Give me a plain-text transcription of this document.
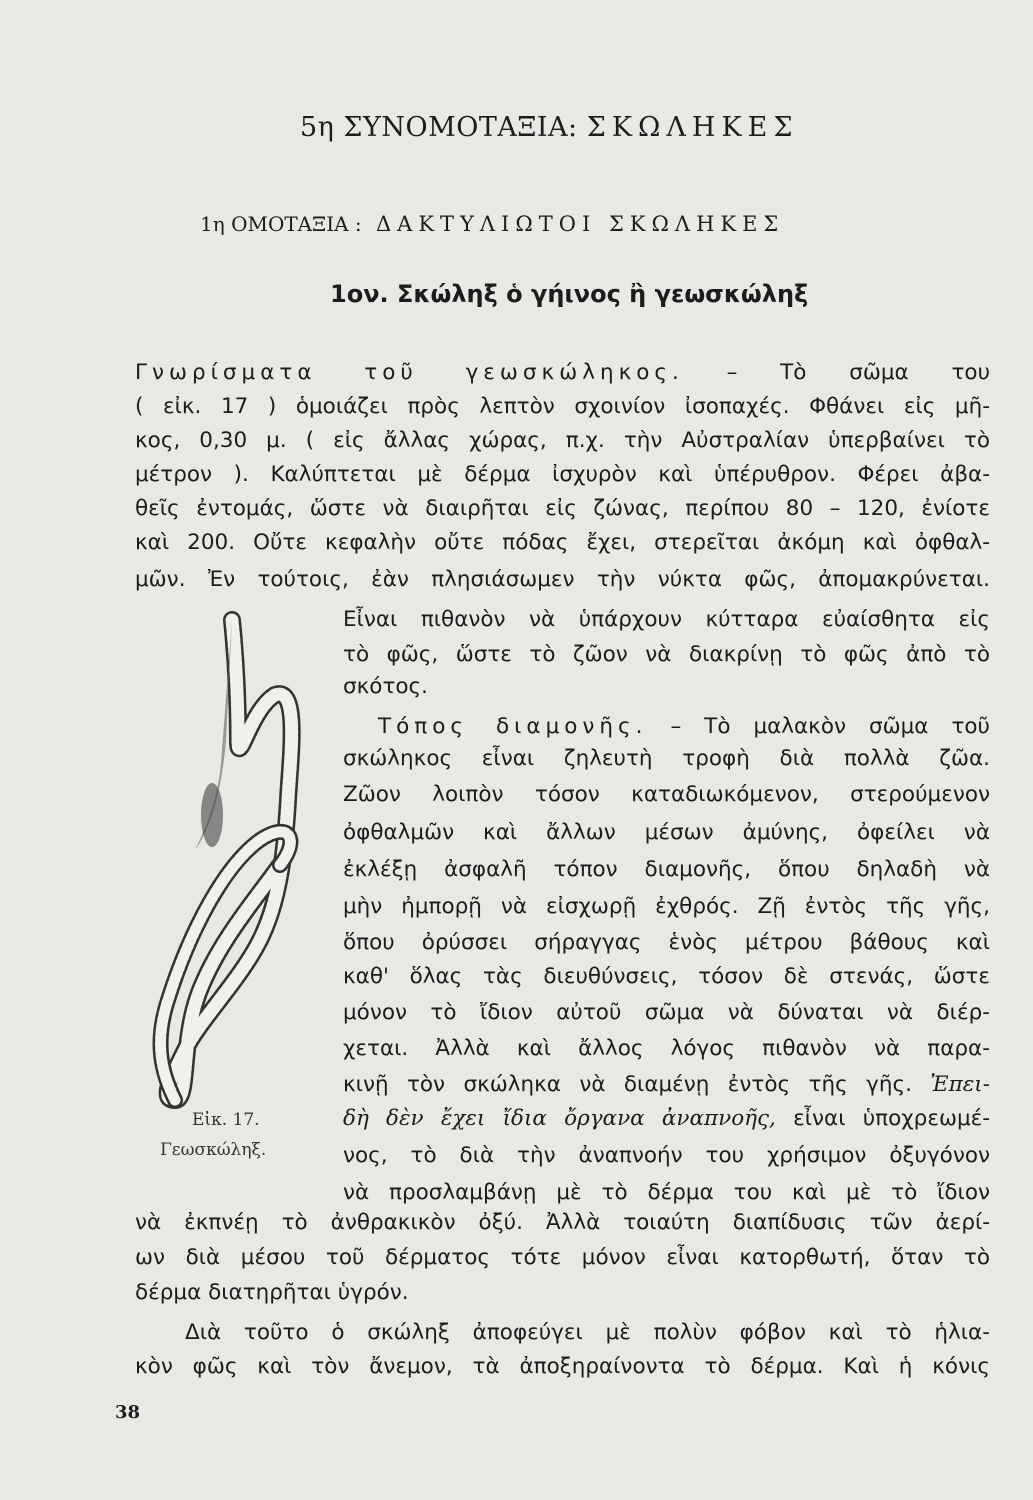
5η ΣΥΝΟΜΟΤΑΞΙΑ: ΣΚΩΛΗΚΕΣ
1η ΟΜΟΤΑΞΙΑ : ΔΑΚΤΥΛΙΩΤΟΙ ΣΚΩΛΗΚΕΣ
1ον. Σκώληξ ὁ γήινος ἢ γεωσκώληξ
Γνωρίσματα τοῦ γεωσκώληκος. – Τὸ σῶμα του
( εἰκ. 17 ) ὁμοιάζει πρὸς λεπτὸν σχοινίον ἰσοπαχές. Φθάνει εἰς μῆ-
κος, 0,30 μ. ( εἰς ἄλλας χώρας, π.χ. τὴν Αὐστραλίαν ὑπερβαίνει τὸ
μέτρον ). Καλύπτεται μὲ δέρμα ἰσχυρὸν καὶ ὑπέρυθρον. Φέρει ἀβα-
θεῖς ἐντομάς, ὥστε νὰ διαιρῆται εἰς ζώνας, περίπου 80 – 120, ἐνίοτε
καὶ 200. Οὔτε κεφαλὴν οὔτε πόδας ἔχει, στερεῖται ἀκόμη καὶ ὀφθαλ-
μῶν. Ἐν τούτοις, ἐὰν πλησιάσωμεν τὴν νύκτα φῶς, ἀπομακρύνεται.
Εἶναι πιθανὸν νὰ ὑπάρχουν κύτταρα εὐαίσθητα εἰς
τὸ φῶς, ὥστε τὸ ζῶον νὰ διακρίνῃ τὸ φῶς ἀπὸ τὸ
σκότος.
Τόπος διαμονῆς. – Τὸ μαλακὸν σῶμα τοῦ
σκώληκος εἶναι ζηλευτὴ τροφὴ διὰ πολλὰ ζῶα.
Ζῶον λοιπὸν τόσον καταδιωκόμενον, στερούμενον
ὀφθαλμῶν καὶ ἄλλων μέσων ἀμύνης, ὀφείλει νὰ
ἐκλέξῃ ἀσφαλῆ τόπον διαμονῆς, ὅπου δηλαδὴ νὰ
μὴν ἠμπορῇ νὰ εἰσχωρῇ ἐχθρός. Ζῇ ἐντὸς τῆς γῆς,
ὅπου ὀρύσσει σήραγγας ἑνὸς μέτρου βάθους καὶ
καθ' ὅλας τὰς διευθύνσεις, τόσον δὲ στενάς, ὥστε
μόνον τὸ ἴδιον αὐτοῦ σῶμα νὰ δύναται νὰ διέρ-
χεται. Ἀλλὰ καὶ ἄλλος λόγος πιθανὸν νὰ παρα-
κινῇ τὸν σκώληκα νὰ διαμένῃ ἐντὸς τῆς γῆς. Ἐπει-
δὴ δὲν ἔχει ἴδια ὄργανα ἀναπνοῆς, εἶναι ὑποχρεωμέ-
νος, τὸ διὰ τὴν ἀναπνοήν του χρήσιμον ὀξυγόνον
νὰ προσλαμβάνῃ μὲ τὸ δέρμα του καὶ μὲ τὸ ἴδιον
νὰ ἐκπνέῃ τὸ ἀνθρακικὸν ὀξύ. Ἀλλὰ τοιαύτη διαπίδυσις τῶν ἀερί-
ων διὰ μέσου τοῦ δέρματος τότε μόνον εἶναι κατορθωτή, ὅταν τὸ
δέρμα διατηρῆται ὑγρόν.
Διὰ τοῦτο ὁ σκώληξ ἀποφεύγει μὲ πολὺν φόβον καὶ τὸ ἡλια-
κὸν φῶς καὶ τὸν ἄνεμον, τὰ ἀποξηραίνοντα τὸ δέρμα. Καὶ ἡ κόνις
Εἰκ. 17.
Γεωσκώληξ.
38
